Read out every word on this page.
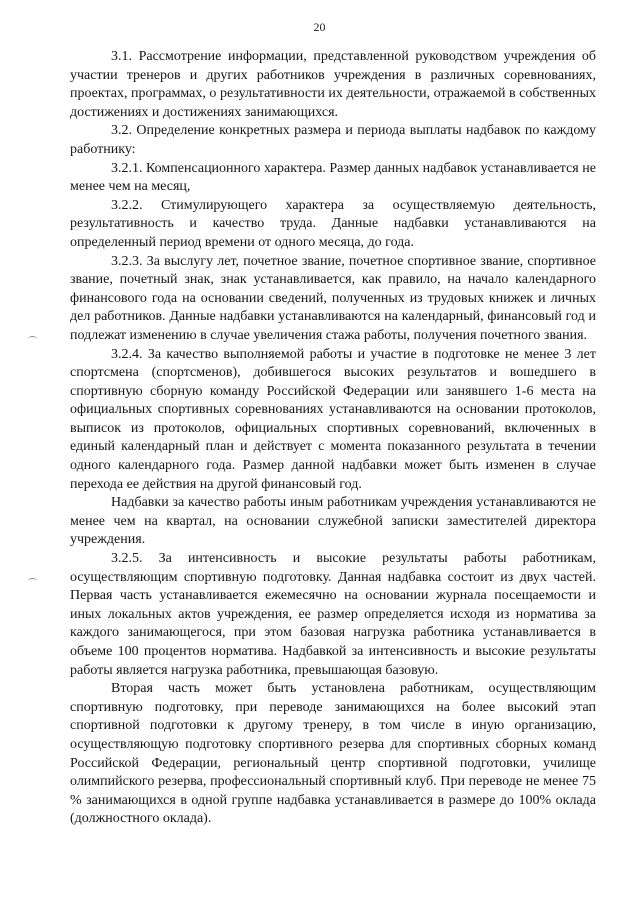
20

3.1. Рассмотрение информации, представленной руководством учреждения об участии тренеров и других работников учреждения в различных соревнованиях, проектах, программах, о результативности их деятельности, отражаемой в собственных достижениях и достижениях занимающихся.

3.2. Определение конкретных размера и периода выплаты надбавок по каждому работнику:

3.2.1. Компенсационного характера. Размер данных надбавок устанавливается не менее чем на месяц,

3.2.2. Стимулирующего характера за осуществляемую деятельность, результативность и качество труда. Данные надбавки устанавливаются на определенный период времени от одного месяца, до года.

3.2.3. За выслугу лет, почетное звание, почетное спортивное звание, спортивное звание, почетный знак, знак устанавливается, как правило, на начало календарного финансового года на основании сведений, полученных из трудовых книжек и личных дел работников. Данные надбавки устанавливаются на календарный, финансовый год и подлежат изменению в случае увеличения стажа работы, получения почетного звания.

3.2.4. За качество выполняемой работы и участие в подготовке не менее 3 лет спортсмена (спортсменов), добившегося высоких результатов и вошедшего в спортивную сборную команду Российской Федерации или занявшего 1-6 места на официальных спортивных соревнованиях устанавливаются на основании протоколов, выписок из протоколов, официальных спортивных соревнований, включенных в единый календарный план и действует с момента показанного результата в течении одного календарного года. Размер данной надбавки может быть изменен в случае перехода ее действия на другой финансовый год.

Надбавки за качество работы иным работникам учреждения устанавливаются не менее чем на квартал, на основании служебной записки заместителей директора учреждения.

3.2.5. За интенсивность и высокие результаты работы работникам, осуществляющим спортивную подготовку. Данная надбавка состоит из двух частей. Первая часть устанавливается ежемесячно на основании журнала посещаемости и иных локальных актов учреждения, ее размер определяется исходя из норматива за каждого занимающегося, при этом базовая нагрузка работника устанавливается в объеме 100 процентов норматива. Надбавкой за интенсивность и высокие результаты работы является нагрузка работника, превышающая базовую.

Вторая часть может быть установлена работникам, осуществляющим спортивную подготовку, при переводе занимающихся на более высокий этап спортивной подготовки к другому тренеру, в том числе в иную организацию, осуществляющую подготовку спортивного резерва для спортивных сборных команд Российской Федерации, региональный центр спортивной подготовки, училище олимпийского резерва, профессиональный спортивный клуб. При переводе не менее 75 % занимающихся в одной группе надбавка устанавливается в размере до 100% оклада (должностного оклада).
